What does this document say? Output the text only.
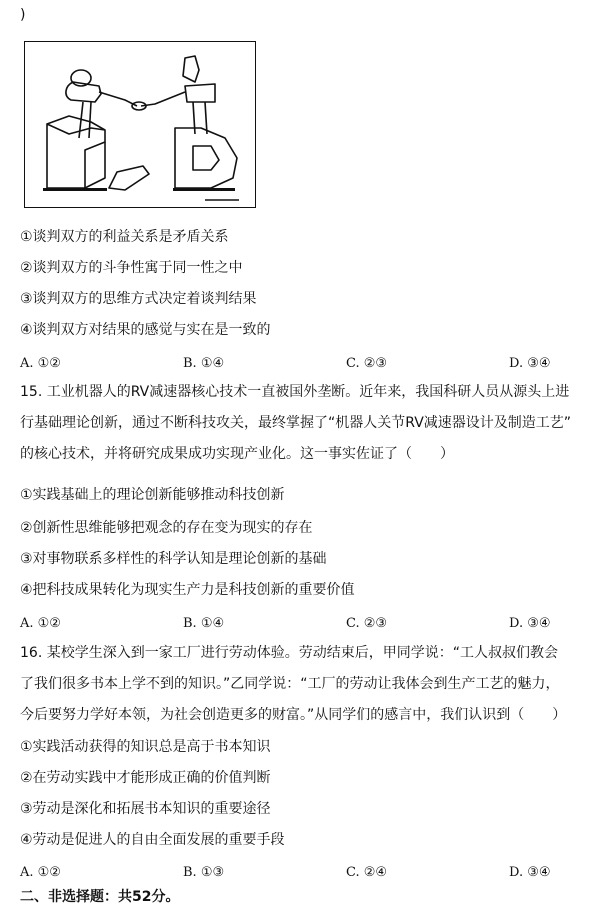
)
①谈判双方的利益关系是矛盾关系
②谈判双方的斗争性寓于同一性之中
③谈判双方的思维方式决定着谈判结果
④谈判双方对结果的感觉与实在是一致的
A. ①②	B. ①④	C. ②③	D. ③④
15. 工业机器人的RV减速器核心技术一直被国外垄断。近年来，我国科研人员从源头上进
行基础理论创新，通过不断科技攻关，最终掌握了“机器人关节RV减速器设计及制造工艺”
的核心技术，并将研究成果成功实现产业化。这一事实佐证了（　　）
①实践基础上的理论创新能够推动科技创新
②创新性思维能够把观念的存在变为现实的存在
③对事物联系多样性的科学认知是理论创新的基础
④把科技成果转化为现实生产力是科技创新的重要价值
A. ①②	B. ①④	C. ②③	D. ③④
16. 某校学生深入到一家工厂进行劳动体验。劳动结束后，甲同学说：“工人叔叔们教会
了我们很多书本上学不到的知识。”乙同学说：“工厂的劳动让我体会到生产工艺的魅力，
今后要努力学好本领，为社会创造更多的财富。”从同学们的感言中，我们认识到（　　）
①实践活动获得的知识总是高于书本知识
②在劳动实践中才能形成正确的价值判断
③劳动是深化和拓展书本知识的重要途径
④劳动是促进人的自由全面发展的重要手段
A. ①②	B. ①③	C. ②④	D. ③④
二、非选择题：共52分。
